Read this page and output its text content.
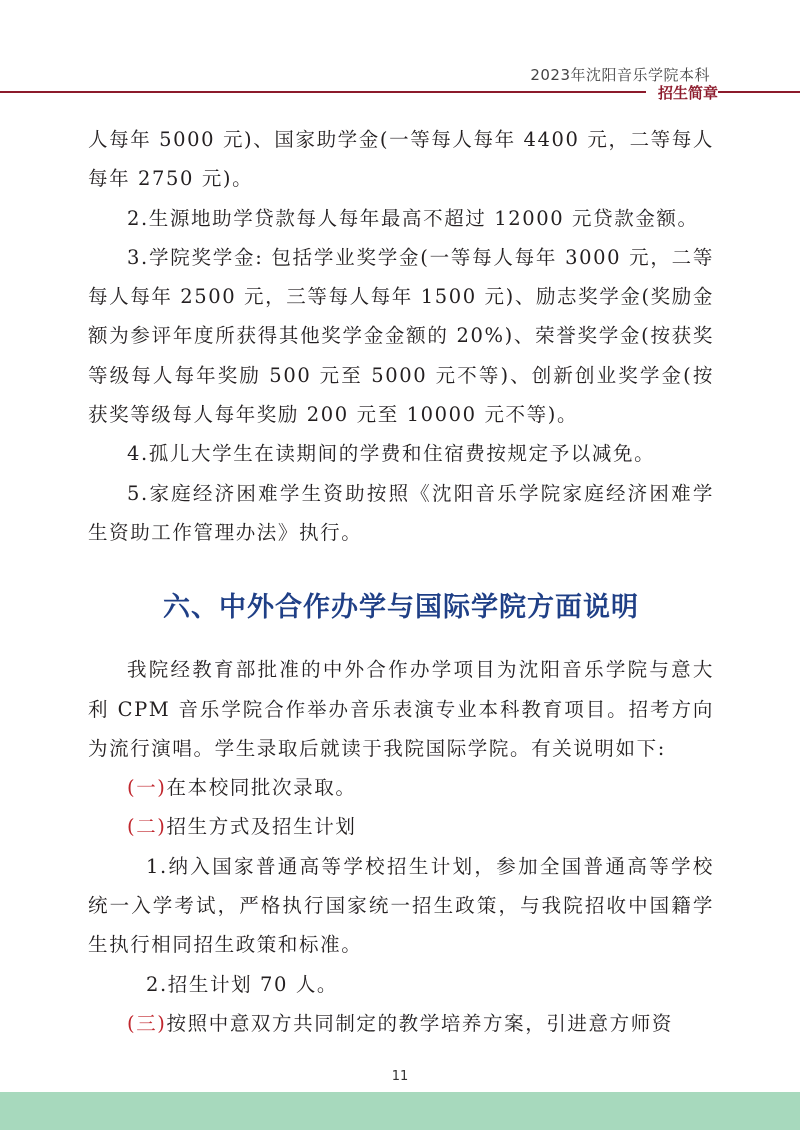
2023年沈阳音乐学院本科
招生简章

人每年 5000 元)、国家助学金(一等每人每年 4400 元，二等每人每年 2750 元)。

2.生源地助学贷款每人每年最高不超过 12000 元贷款金额。

3.学院奖学金: 包括学业奖学金(一等每人每年 3000 元，二等每人每年 2500 元，三等每人每年 1500 元)、励志奖学金(奖励金额为参评年度所获得其他奖学金金额的 20%)、荣誉奖学金(按获奖等级每人每年奖励 500 元至 5000 元不等)、创新创业奖学金(按获奖等级每人每年奖励 200 元至 10000 元不等)。

4.孤儿大学生在读期间的学费和住宿费按规定予以减免。

5.家庭经济困难学生资助按照《沈阳音乐学院家庭经济困难学生资助工作管理办法》执行。

六、中外合作办学与国际学院方面说明

我院经教育部批准的中外合作办学项目为沈阳音乐学院与意大利 CPM 音乐学院合作举办音乐表演专业本科教育项目。招考方向为流行演唱。学生录取后就读于我院国际学院。有关说明如下:

(一)在本校同批次录取。

(二)招生方式及招生计划

1.纳入国家普通高等学校招生计划，参加全国普通高等学校统一入学考试，严格执行国家统一招生政策，与我院招收中国籍学生执行相同招生政策和标准。

2.招生计划 70 人。

(三)按照中意双方共同制定的教学培养方案，引进意方师资

11
